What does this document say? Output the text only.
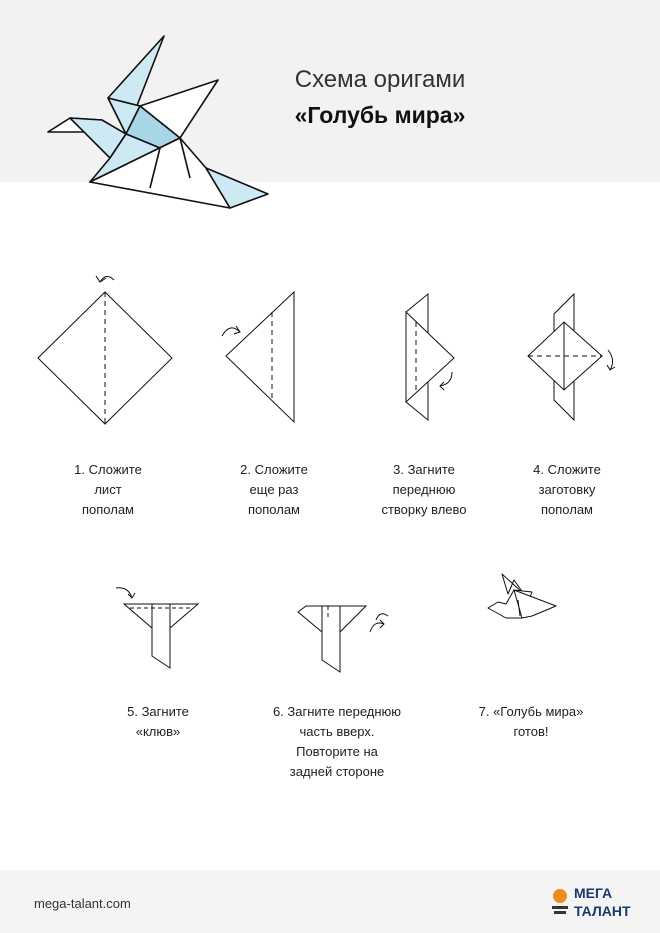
Схема оригами
«Голубь мира»
1. Сложите
лист
пополам
2. Сложите
еще раз
пополам
3. Загните
переднюю
створку влево
4. Сложите
заготовку
пополам
5. Загните
«клюв»
6. Загните переднюю
часть вверх.
Повторите на
задней стороне
7. «Голубь мира»
готов!
mega-talant.com
МЕГА
ТАЛАНТ
